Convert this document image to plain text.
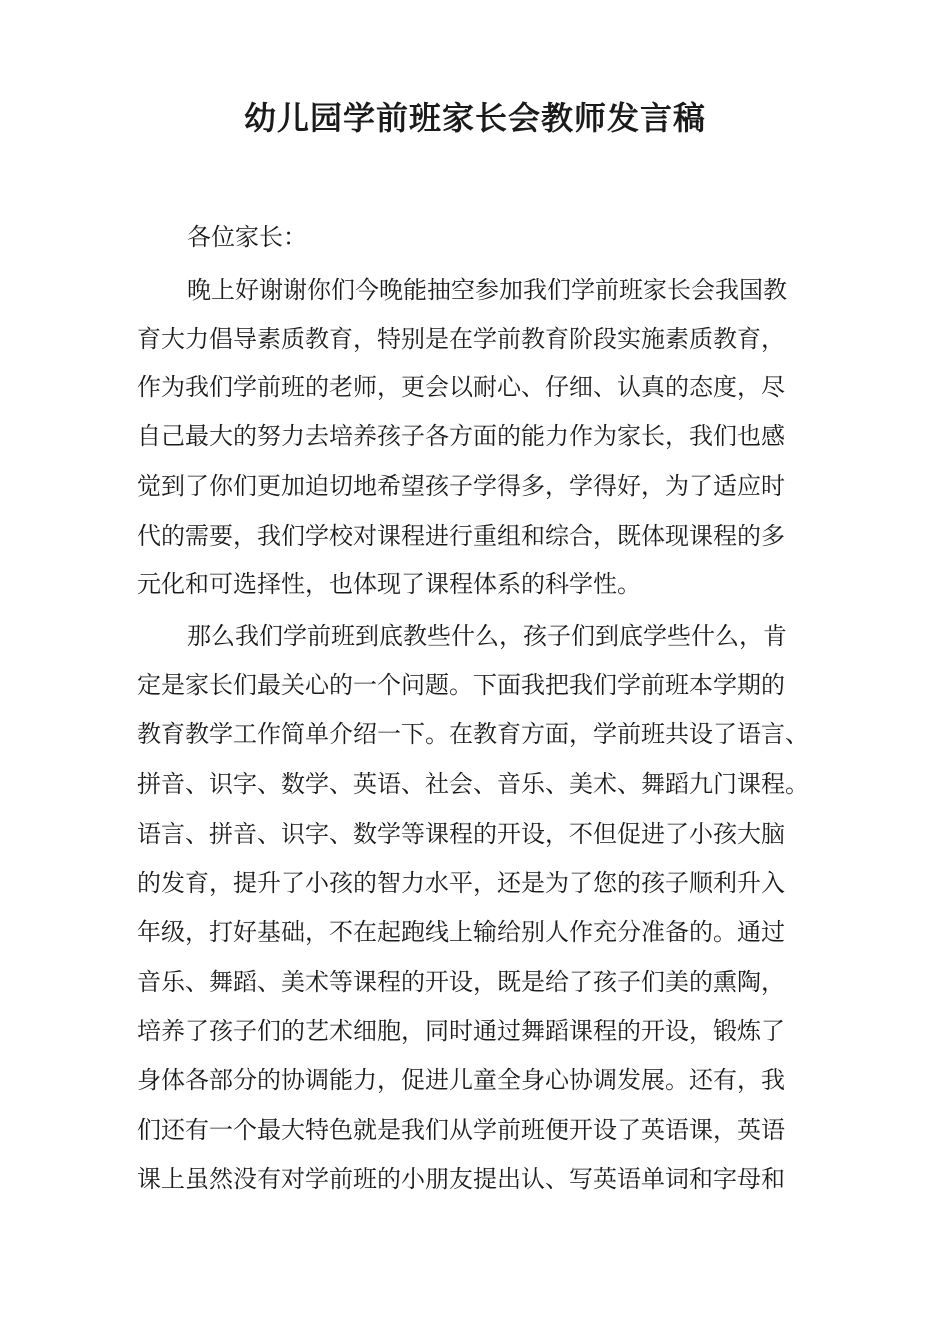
幼儿园学前班家长会教师发言稿

各位家长：

晚上好谢谢你们今晚能抽空参加我们学前班家长会我国教

育大力倡导素质教育，特别是在学前教育阶段实施素质教育，

作为我们学前班的老师，更会以耐心、仔细、认真的态度，尽

自己最大的努力去培养孩子各方面的能力作为家长，我们也感

觉到了你们更加迫切地希望孩子学得多，学得好，为了适应时

代的需要，我们学校对课程进行重组和综合，既体现课程的多

元化和可选择性，也体现了课程体系的科学性。

那么我们学前班到底教些什么，孩子们到底学些什么，肯

定是家长们最关心的一个问题。下面我把我们学前班本学期的

教育教学工作简单介绍一下。在教育方面，学前班共设了语言、

拼音、识字、数学、英语、社会、音乐、美术、舞蹈九门课程。

语言、拼音、识字、数学等课程的开设，不但促进了小孩大脑

的发育，提升了小孩的智力水平，还是为了您的孩子顺利升入

年级，打好基础，不在起跑线上输给别人作充分准备的。通过

音乐、舞蹈、美术等课程的开设，既是给了孩子们美的熏陶，

培养了孩子们的艺术细胞，同时通过舞蹈课程的开设，锻炼了

身体各部分的协调能力，促进儿童全身心协调发展。还有，我

们还有一个最大特色就是我们从学前班便开设了英语课，英语

课上虽然没有对学前班的小朋友提出认、写英语单词和字母和
